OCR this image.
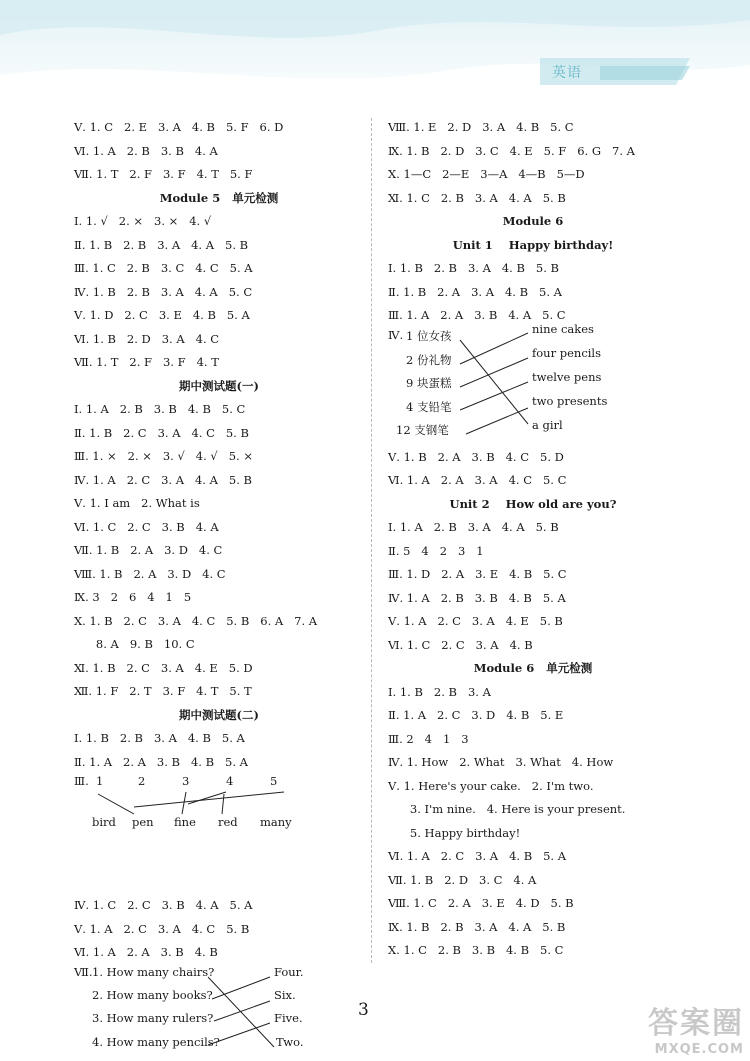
英语
Ⅴ. 1. C   2. E   3. A   4. B   5. F   6. D
Ⅵ. 1. A   2. B   3. B   4. A
Ⅶ. 1. T   2. F   3. F   4. T   5. F
Module 5   单元检测
Ⅰ. 1. √   2. ×   3. ×   4. √
Ⅱ. 1. B   2. B   3. A   4. A   5. B
Ⅲ. 1. C   2. B   3. C   4. C   5. A
Ⅳ. 1. B   2. B   3. A   4. A   5. C
Ⅴ. 1. D   2. C   3. E   4. B   5. A
Ⅵ. 1. B   2. D   3. A   4. C
Ⅶ. 1. T   2. F   3. F   4. T
期中测试题(一)
Ⅰ. 1. A   2. B   3. B   4. B   5. C
Ⅱ. 1. B   2. C   3. A   4. C   5. B
Ⅲ. 1. ×   2. ×   3. √   4. √   5. ×
Ⅳ. 1. A   2. C   3. A   4. A   5. B
Ⅴ. 1. I am   2. What is
Ⅵ. 1. C   2. C   3. B   4. A
Ⅶ. 1. B   2. A   3. D   4. C
Ⅷ. 1. B   2. A   3. D   4. C
Ⅸ. 3   2   6   4   1   5
Ⅹ. 1. B   2. C   3. A   4. C   5. B   6. A   7. A
8. A   9. B   10. C
Ⅺ. 1. B   2. C   3. A   4. E   5. D
Ⅻ. 1. F   2. T   3. F   4. T   5. T
期中测试题(二)
Ⅰ. 1. B   2. B   3. A   4. B   5. A
Ⅱ. 1. A   2. A   3. B   4. B   5. A
Ⅲ. 1	2	3	4	5
bird pen fine red many
Ⅳ. 1. C   2. C   3. B   4. A   5. A
Ⅴ. 1. A   2. C   3. A   4. C   5. B
Ⅵ. 1. A   2. A   3. B   4. B
Ⅶ. 1. How many chairs?
2. How many books?
3. How many rulers?
4. How many pencils?
Four.
Six.
Five.
Two.
Ⅷ. 1. E   2. D   3. A   4. B   5. C
Ⅸ. 1. B   2. D   3. C   4. E   5. F   6. G   7. A
Ⅹ. 1—C   2—E   3—A   4—B   5—D
Ⅺ. 1. C   2. B   3. A   4. A   5. B
Module 6
Unit 1    Happy birthday!
Ⅰ. 1. B   2. B   3. A   4. B   5. B
Ⅱ. 1. B   2. A   3. A   4. B   5. A
Ⅲ. 1. A   2. A   3. B   4. A   5. C
Ⅳ. 1 位女孩
2 份礼物
9 块蛋糕
4 支铅笔
12 支钢笔
nine cakes
four pencils
twelve pens
two presents
a girl
Ⅴ. 1. B   2. A   3. B   4. C   5. D
Ⅵ. 1. A   2. A   3. A   4. C   5. C
Unit 2    How old are you?
Ⅰ. 1. A   2. B   3. A   4. A   5. B
Ⅱ. 5   4   2   3   1
Ⅲ. 1. D   2. A   3. E   4. B   5. C
Ⅳ. 1. A   2. B   3. B   4. B   5. A
Ⅴ. 1. A   2. C   3. A   4. E   5. B
Ⅵ. 1. C   2. C   3. A   4. B
Module 6   单元检测
Ⅰ. 1. B   2. B   3. A
Ⅱ. 1. A   2. C   3. D   4. B   5. E
Ⅲ. 2   4   1   3
Ⅳ. 1. How   2. What   3. What   4. How
Ⅴ. 1. Here's your cake.   2. I'm two.
3. I'm nine.   4. Here is your present.
5. Happy birthday!
Ⅵ. 1. A   2. C   3. A   4. B   5. A
Ⅶ. 1. B   2. D   3. C   4. A
Ⅷ. 1. C   2. A   3. E   4. D   5. B
Ⅸ. 1. B   2. B   3. A   4. A   5. B
Ⅹ. 1. C   2. B   3. B   4. B   5. C
3	答案圈
MXQE.COM
